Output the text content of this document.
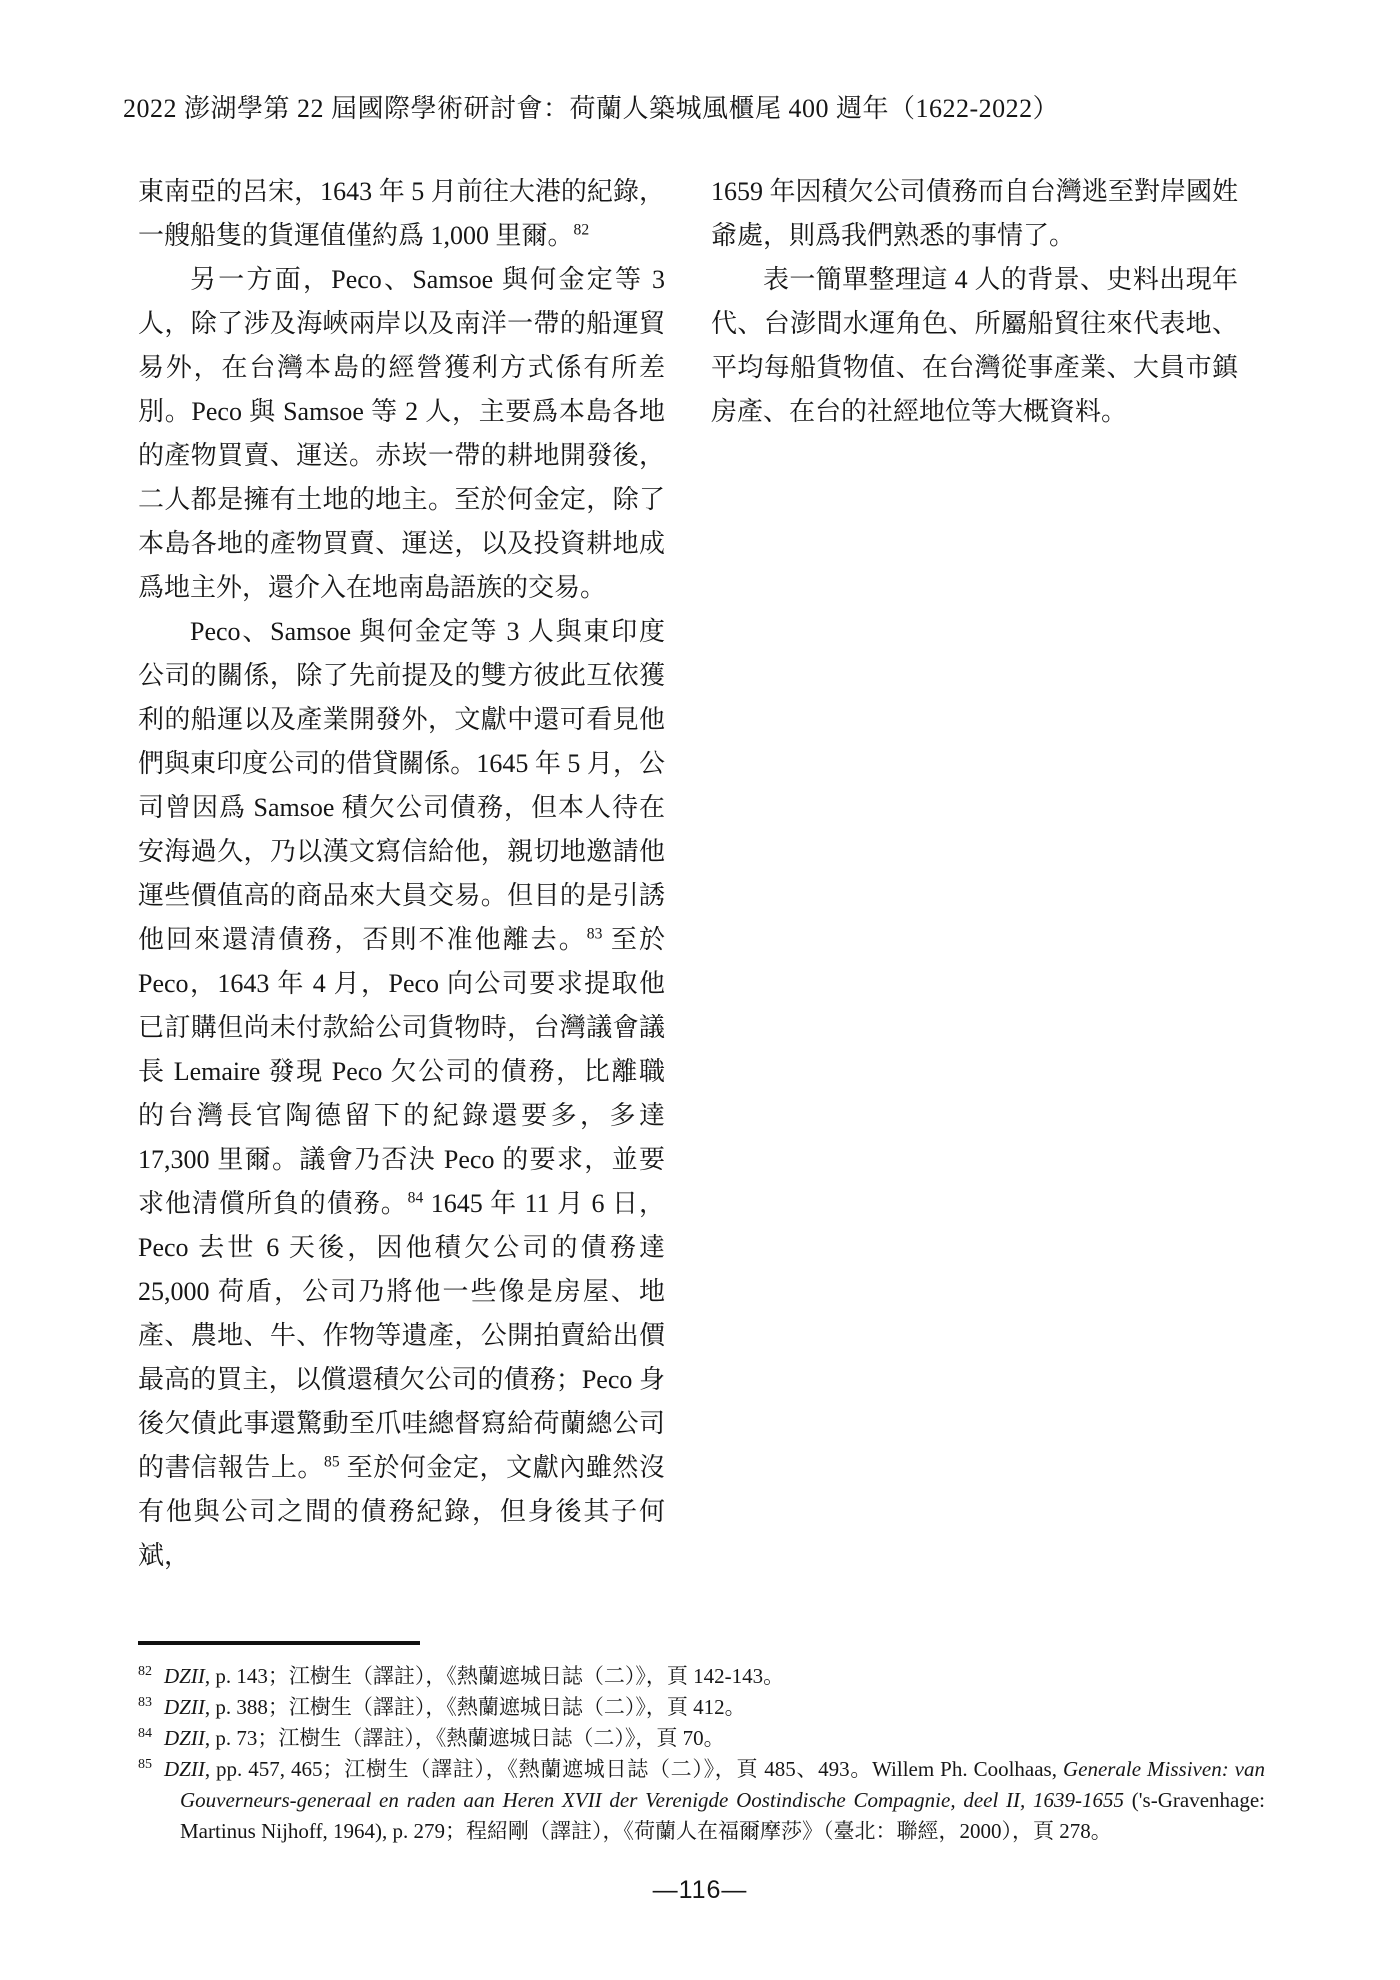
2022 澎湖學第 22 屆國際學術研討會：荷蘭人築城風櫃尾 400 週年（1622-2022）

東南亞的呂宋，1643 年 5 月前往大港的紀錄，一艘船隻的貨運值僅約爲 1,000 里爾。$^{82}$

另一方面，Peco、Samsoe 與何金定等 3 人，除了涉及海峽兩岸以及南洋一帶的船運貿易外，在台灣本島的經營獲利方式係有所差別。Peco 與 Samsoe 等 2 人，主要爲本島各地的產物買賣、運送。赤崁一帶的耕地開發後，二人都是擁有土地的地主。至於何金定，除了本島各地的產物買賣、運送，以及投資耕地成爲地主外，還介入在地南島語族的交易。

Peco、Samsoe 與何金定等 3 人與東印度公司的關係，除了先前提及的雙方彼此互依獲利的船運以及產業開發外，文獻中還可看見他們與東印度公司的借貸關係。1645 年 5 月，公司曾因爲 Samsoe 積欠公司債務，但本人待在安海過久，乃以漢文寫信給他，親切地邀請他運些價值高的商品來大員交易。但目的是引誘他回來還清債務，否則不准他離去。$^{83}$ 至於 Peco，1643 年 4 月，Peco 向公司要求提取他已訂購但尚未付款給公司貨物時，台灣議會議長 Lemaire 發現 Peco 欠公司的債務，比離職的台灣長官陶德留下的紀錄還要多，多達 17,300 里爾。議會乃否決 Peco 的要求，並要求他清償所負的債務。$^{84}$ 1645 年 11 月 6 日，Peco 去世 6 天後，因他積欠公司的債務達 25,000 荷盾，公司乃將他一些像是房屋、地產、農地、牛、作物等遺產，公開拍賣給出價最高的買主，以償還積欠公司的債務；Peco 身後欠債此事還驚動至爪哇總督寫給荷蘭總公司的書信報告上。$^{85}$ 至於何金定，文獻內雖然沒有他與公司之間的債務紀錄，但身後其子何斌，

1659 年因積欠公司債務而自台灣逃至對岸國姓爺處，則爲我們熟悉的事情了。

表一簡單整理這 4 人的背景、史料出現年代、台澎間水運角色、所屬船貿往來代表地、平均每船貨物值、在台灣從事產業、大員市鎮房產、在台的社經地位等大概資料。

$^{82}$ DZII, p. 143；江樹生（譯註），《熱蘭遮城日誌（二）》，頁 142-143。
$^{83}$ DZII, p. 388；江樹生（譯註），《熱蘭遮城日誌（二）》，頁 412。
$^{84}$ DZII, p. 73；江樹生（譯註），《熱蘭遮城日誌（二）》，頁 70。
$^{85}$ DZII, pp. 457, 465；江樹生（譯註），《熱蘭遮城日誌（二）》，頁 485、493。Willem Ph. Coolhaas, Generale Missiven: van Gouverneurs-generaal en raden aan Heren XVII der Verenigde Oostindische Compagnie, deel II, 1639-1655 ('s-Gravenhage: Martinus Nijhoff, 1964), p. 279；程紹剛（譯註），《荷蘭人在福爾摩莎》（臺北：聯經，2000），頁 278。
—116—
